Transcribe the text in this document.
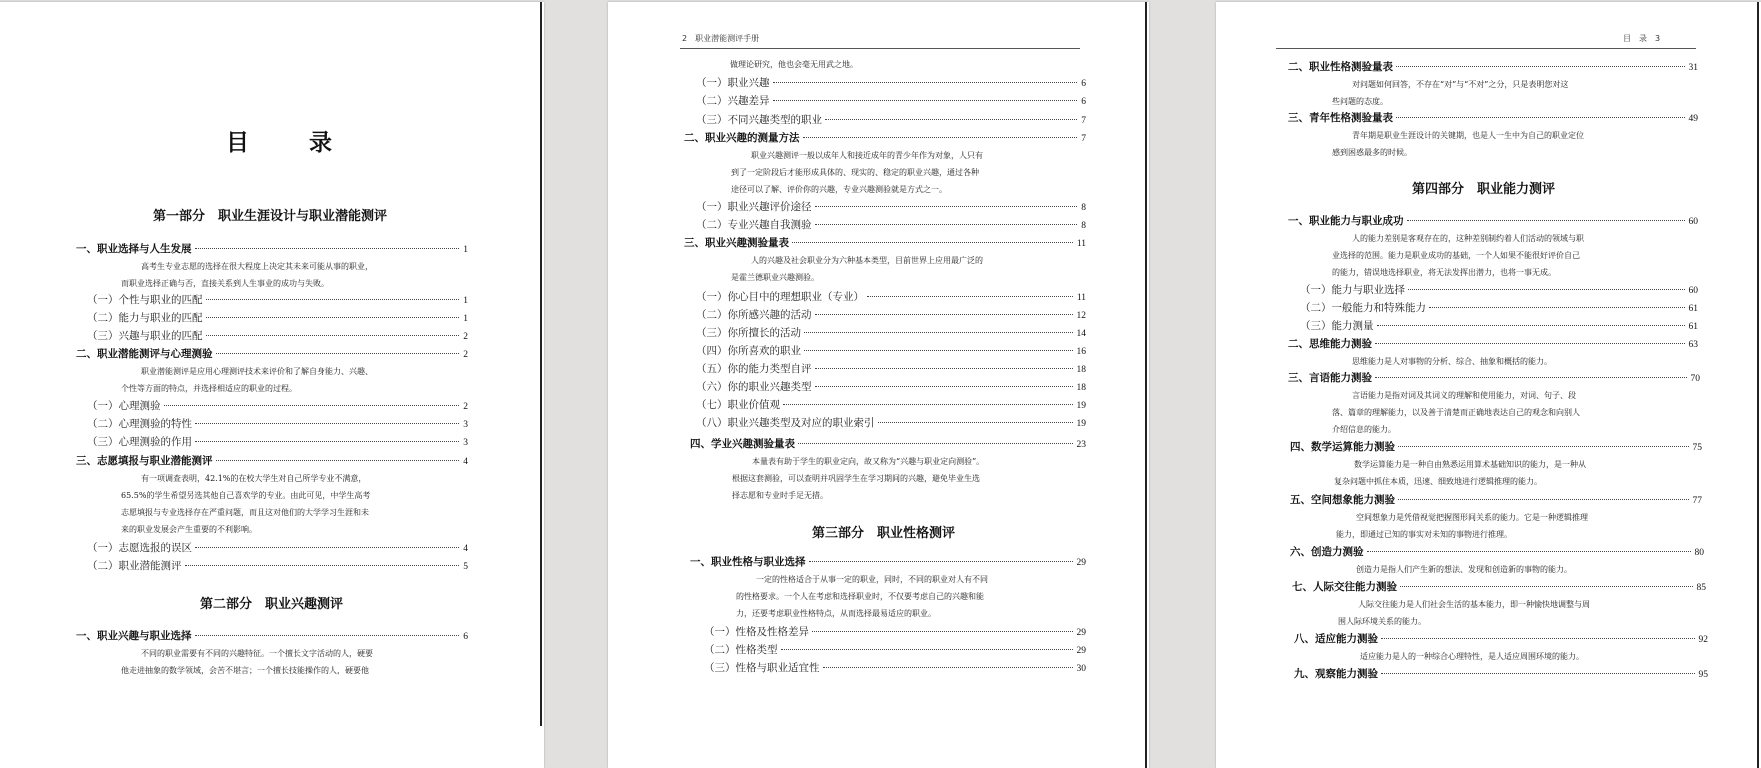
目 录
第一部分　职业生涯设计与职业潜能测评
一、职业选择与人生发展	1
高考生专业志愿的选择在很大程度上决定其未来可能从事的职业，
而职业选择正确与否，直接关系到人生事业的成功与失败。
（一）个性与职业的匹配	1
（二）能力与职业的匹配	1
（三）兴趣与职业的匹配	2
二、职业潜能测评与心理测验	2
职业潜能测评是应用心理测评技术来评价和了解自身能力、兴趣、
个性等方面的特点，并选择相适应的职业的过程。
（一）心理测验	2
（二）心理测验的特性	3
（三）心理测验的作用	3
三、志愿填报与职业潜能测评	4
有一项调查表明，42.1%的在校大学生对自己所学专业不满意，
65.5%的学生希望另选其他自己喜欢学的专业。由此可见，中学生高考
志愿填报与专业选择存在严重问题，而且这对他们的大学学习生涯和未
来的职业发展会产生重要的不利影响。
（一）志愿选报的误区	4
（二）职业潜能测评	5
第二部分　职业兴趣测评
一、职业兴趣与职业选择	6
不同的职业需要有不同的兴趣特征。一个擅长文字活动的人，硬要
他走进抽象的数学领域，会苦不堪言；一个擅长技能操作的人，硬要他
2　职业潜能测评手册
做理论研究，他也会毫无用武之地。
（一）职业兴趣	6
（二）兴趣差异	6
（三）不同兴趣类型的职业	7
二、职业兴趣的测量方法	7
职业兴趣测评一般以成年人和接近成年的青少年作为对象，人只有
到了一定阶段后才能形成具体的、现实的、稳定的职业兴趣，通过各种
途径可以了解、评价你的兴趣，专业兴趣测验就是方式之一。
（一）职业兴趣评价途径	8
（二）专业兴趣自我测验	8
三、职业兴趣测验量表	11
人的兴趣及社会职业分为六种基本类型，目前世界上应用最广泛的
是霍兰德职业兴趣测验。
（一）你心目中的理想职业（专业）	11
（二）你所感兴趣的活动	12
（三）你所擅长的活动	14
（四）你所喜欢的职业	16
（五）你的能力类型自评	18
（六）你的职业兴趣类型	18
（七）职业价值观	19
（八）职业兴趣类型及对应的职业索引	19
四、学业兴趣测验量表	23
本量表有助于学生的职业定向，故又称为“兴趣与职业定向测验”。
根据这套测验，可以查明并巩固学生在学习期间的兴趣，避免毕业生选
择志愿和专业时手足无措。
第三部分　职业性格测评
一、职业性格与职业选择	29
一定的性格适合于从事一定的职业，同时，不同的职业对人有不同
的性格要求。一个人在考虑和选择职业时，不仅要考虑自己的兴趣和能
力，还要考虑职业性格特点，从而选择最易适应的职业。
（一）性格及性格差异	29
（二）性格类型	29
（三）性格与职业适宜性	30
目　录　3
二、职业性格测验量表	31
对问题如何回答，不存在“对”与“不对”之分，只是表明您对这
些问题的态度。
三、青年性格测验量表	49
青年期是职业生涯设计的关键期，也是人一生中为自己的职业定位
感到困惑最多的时候。
第四部分　职业能力测评
一、职业能力与职业成功	60
人的能力差别是客观存在的，这种差别制约着人们活动的领域与职
业选择的范围。能力是职业成功的基础，一个人如果不能很好评价自己
的能力，错误地选择职业，将无法发挥出潜力，也将一事无成。
（一）能力与职业选择	60
（二）一般能力和特殊能力	61
（三）能力测量	61
二、思维能力测验	63
思维能力是人对事物的分析、综合、抽象和概括的能力。
三、言语能力测验	70
言语能力是指对词及其词义的理解和使用能力，对词、句子、段
落、篇章的理解能力，以及善于清楚而正确地表达自己的观念和向别人
介绍信息的能力。
四、数学运算能力测验	75
数学运算能力是一种自由熟悉运用算术基础知识的能力，是一种从
复杂问题中抓住本质，迅速、细致地进行逻辑推理的能力。
五、空间想象能力测验	77
空间想象力是凭借视觉把握图形间关系的能力。它是一种逻辑推理
能力，即通过已知的事实对未知的事物进行推理。
六、创造力测验	80
创造力是指人们产生新的想法、发现和创造新的事物的能力。
七、人际交往能力测验	85
人际交往能力是人们社会生活的基本能力，即一种愉快地调整与周
围人际环境关系的能力。
八、适应能力测验	92
适应能力是人的一种综合心理特性，是人适应周围环境的能力。
九、观察能力测验	95
